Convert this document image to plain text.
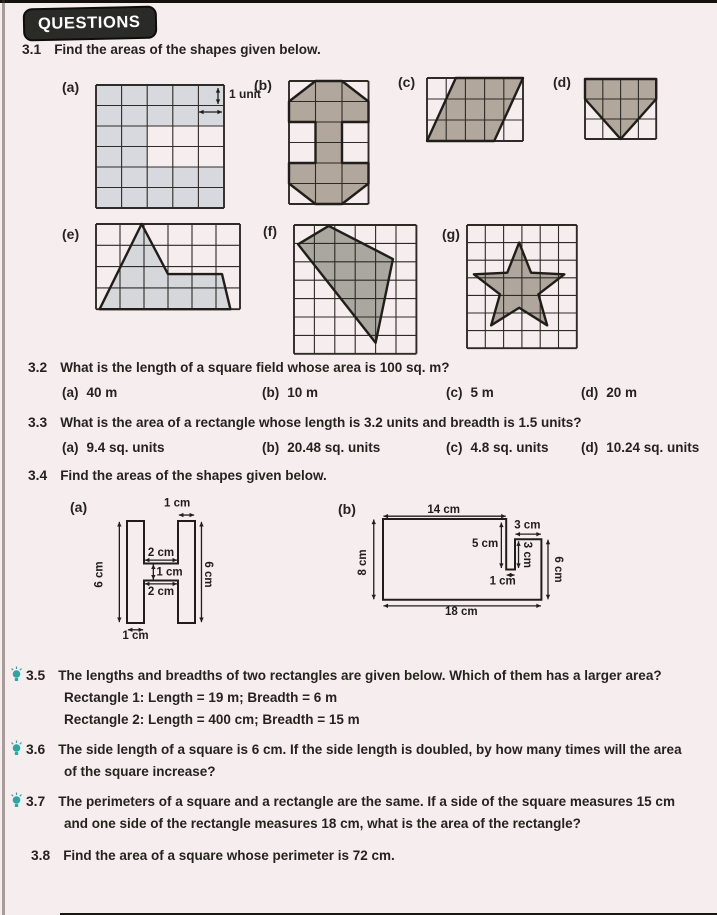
QUESTIONS
3.1 Find the areas of the shapes given below.
(a)	(b)	(c)	(d)
1 unit
(e)	(f)	(g)
3.2 What is the length of a square field whose area is 100 sq. m?
(a) 40 m	(b) 10 m	(c) 5 m	(d) 20 m
3.3 What is the area of a rectangle whose length is 3.2 units and breadth is 1.5 units?
(a) 9.4 sq. units	(b) 20.48 sq. units	(c) 4.8 sq. units (d) 10.24 sq. units
3.4 Find the areas of the shapes given below.
(a)	(b)
1 cm
6 cm
2 cm
1 cm
2 cm
6 cm
1 cm
14 cm
8 cm
5 cm
3 cm
3 cm
1 cm	6 cm
18 cm
3.5 The lengths and breadths of two rectangles are given below. Which of them has a larger area?
Rectangle 1: Length = 19 m; Breadth = 6 m
Rectangle 2: Length = 400 cm; Breadth = 15 m
3.6 The side length of a square is 6 cm. If the side length is doubled, by how many times will the area
of the square increase?
3.7 The perimeters of a square and a rectangle are the same. If a side of the square measures 15 cm
and one side of the rectangle measures 18 cm, what is the area of the rectangle?
3.8 Find the area of a square whose perimeter is 72 cm.
